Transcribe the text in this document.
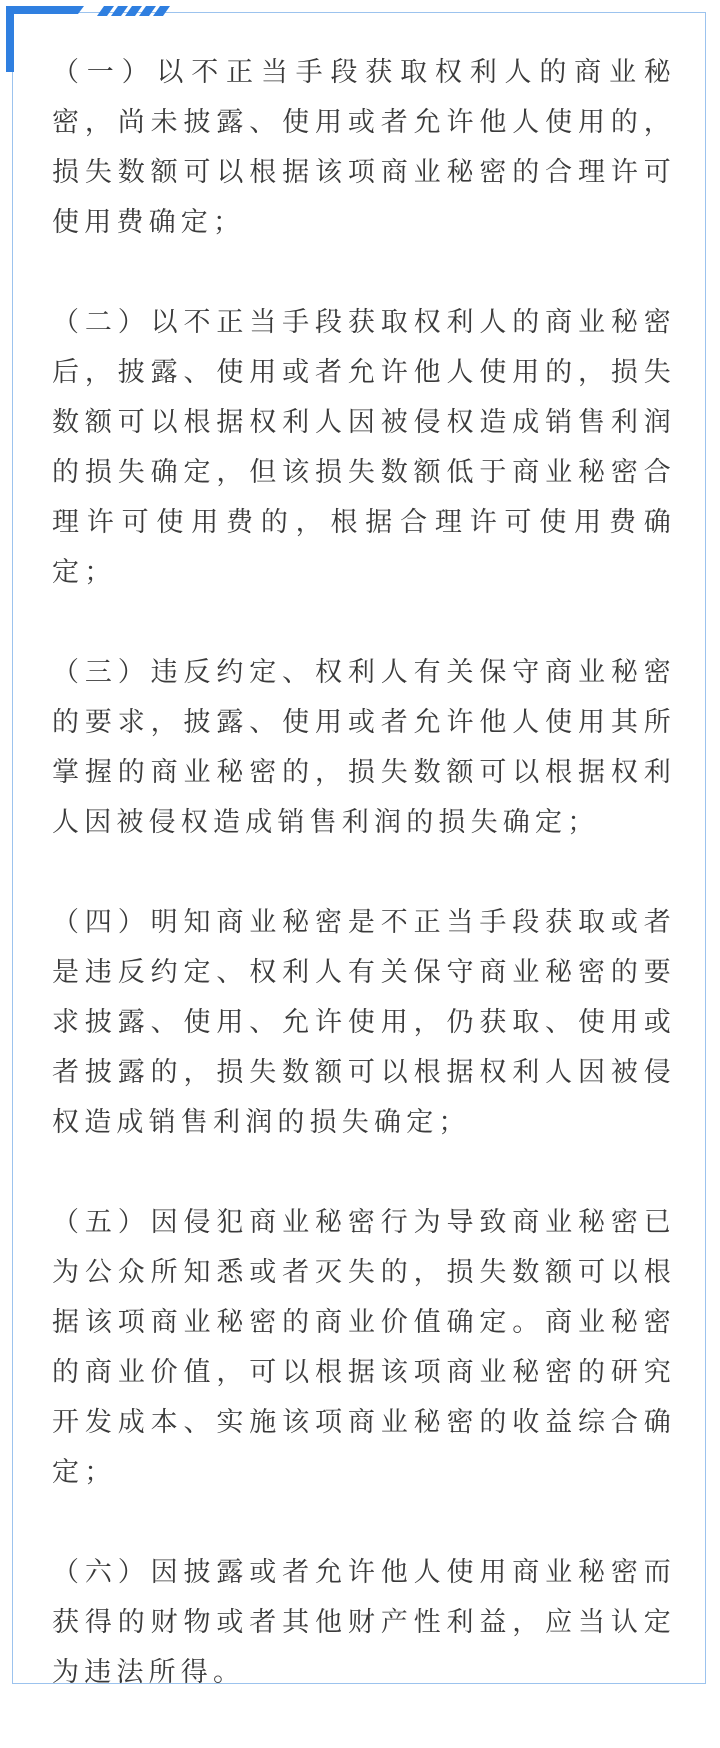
（一）以不正当手段获取权利人的商业秘密，尚未披露、使用或者允许他人使用的，损失数额可以根据该项商业秘密的合理许可使用费确定；

（二）以不正当手段获取权利人的商业秘密后，披露、使用或者允许他人使用的，损失数额可以根据权利人因被侵权造成销售利润的损失确定，但该损失数额低于商业秘密合理许可使用费的，根据合理许可使用费确定；

（三）违反约定、权利人有关保守商业秘密的要求，披露、使用或者允许他人使用其所掌握的商业秘密的，损失数额可以根据权利人因被侵权造成销售利润的损失确定；

（四）明知商业秘密是不正当手段获取或者是违反约定、权利人有关保守商业秘密的要求披露、使用、允许使用，仍获取、使用或者披露的，损失数额可以根据权利人因被侵权造成销售利润的损失确定；

（五）因侵犯商业秘密行为导致商业秘密已为公众所知悉或者灭失的，损失数额可以根据该项商业秘密的商业价值确定。商业秘密的商业价值，可以根据该项商业秘密的研究开发成本、实施该项商业秘密的收益综合确定；

（六）因披露或者允许他人使用商业秘密而获得的财物或者其他财产性利益，应当认定为违法所得。
